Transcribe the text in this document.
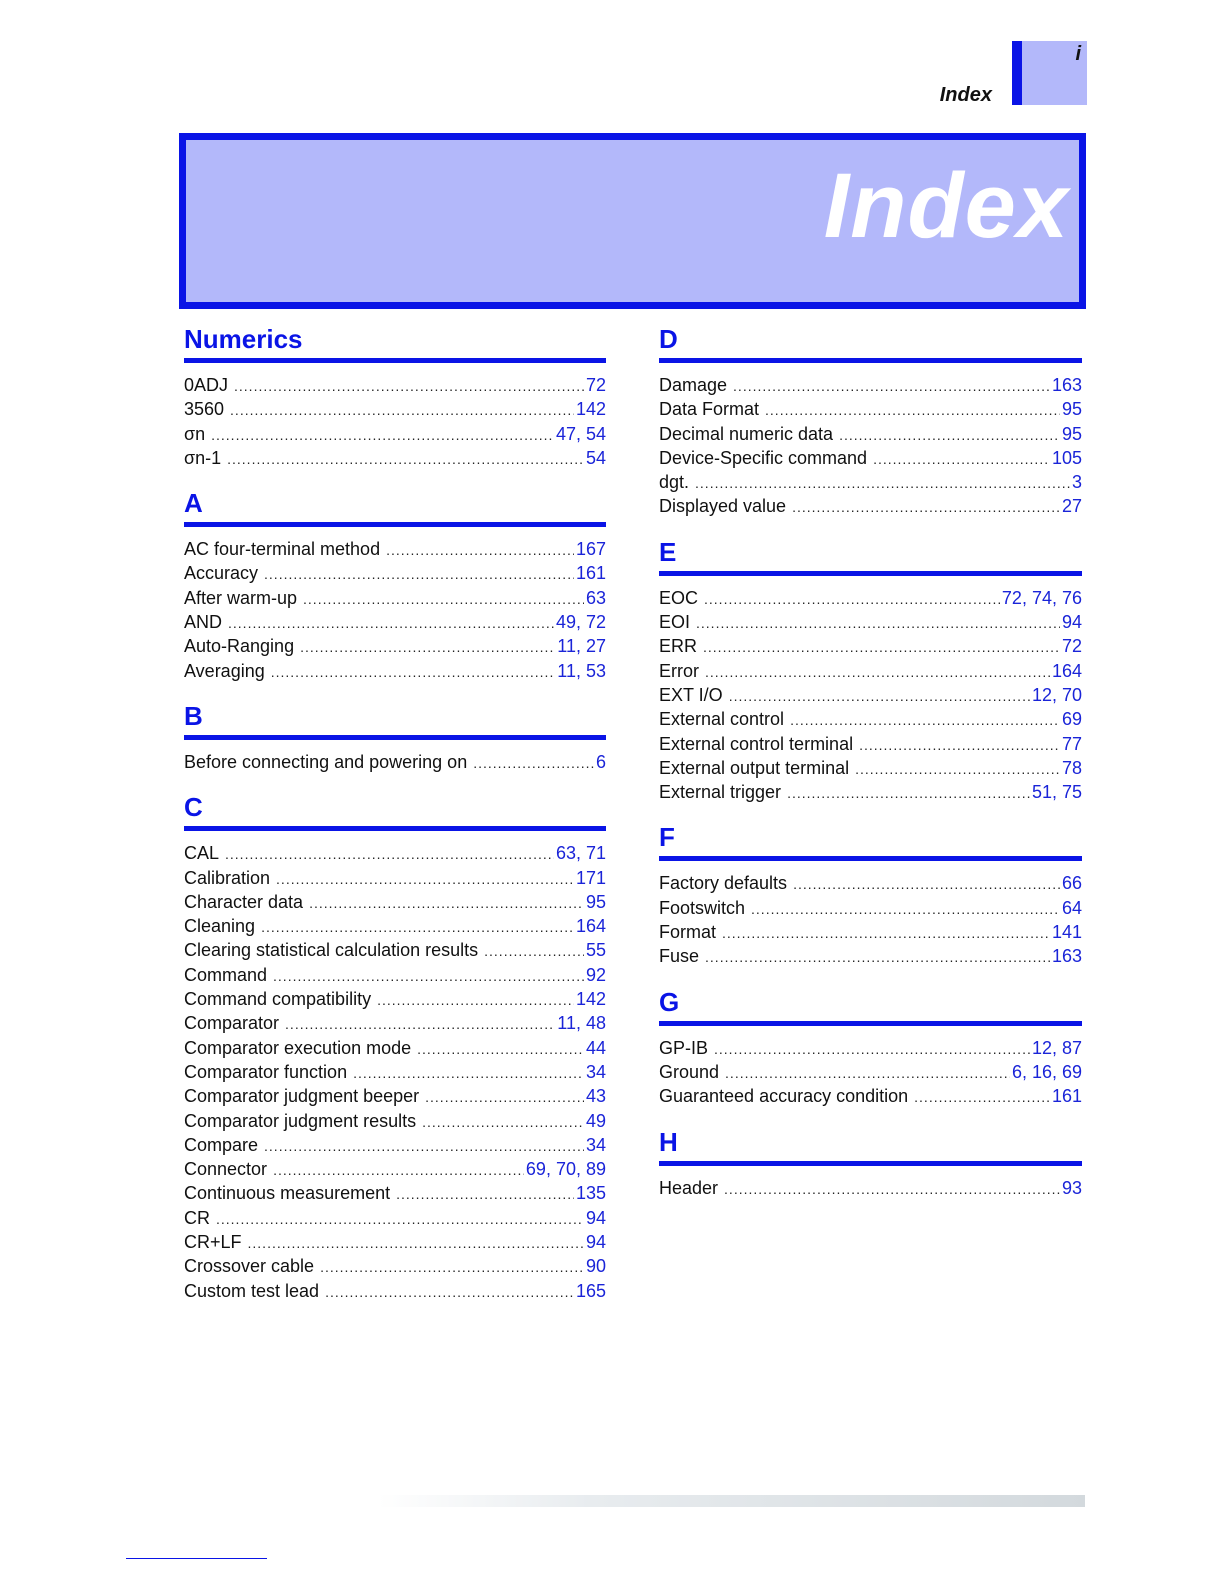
i
Index
Index
Numerics
0ADJ .....	72
3560 .....	142
σn .....	47, 54
σn-1 .....	54
A
AC four-terminal method .....	167
Accuracy .....	161
After warm-up .....	63
AND .....	49, 72
Auto-Ranging .....	11, 27
Averaging .....	11, 53
B
Before connecting and powering on .....	6
C
CAL .....	63, 71
Calibration .....	171
Character data .....	95
Cleaning .....	164
Clearing statistical calculation results .....	55
Command .....	92
Command compatibility .....	142
Comparator .....	11, 48
Comparator execution mode .....	44
Comparator function .....	34
Comparator judgment beeper .....	43
Comparator judgment results .....	49
Compare .....	34
Connector .....	69, 70, 89
Continuous measurement .....	135
CR .....	94
CR+LF .....	94
Crossover cable .....	90
Custom test lead .....	165
D
Damage .....	163
Data Format .....	95
Decimal numeric data .....	95
Device-Specific command .....	105
dgt. .....	3
Displayed value .....	27
E
EOC .....	72, 74, 76
EOI .....	94
ERR .....	72
Error .....	164
EXT I/O .....	12, 70
External control .....	69
External control terminal .....	77
External output terminal .....	78
External trigger .....	51, 75
F
Factory defaults .....	66
Footswitch .....	64
Format .....	141
Fuse .....	163
G
GP-IB .....	12, 87
Ground .....	6, 16, 69
Guaranteed accuracy condition .....	161
H
Header .....	93
